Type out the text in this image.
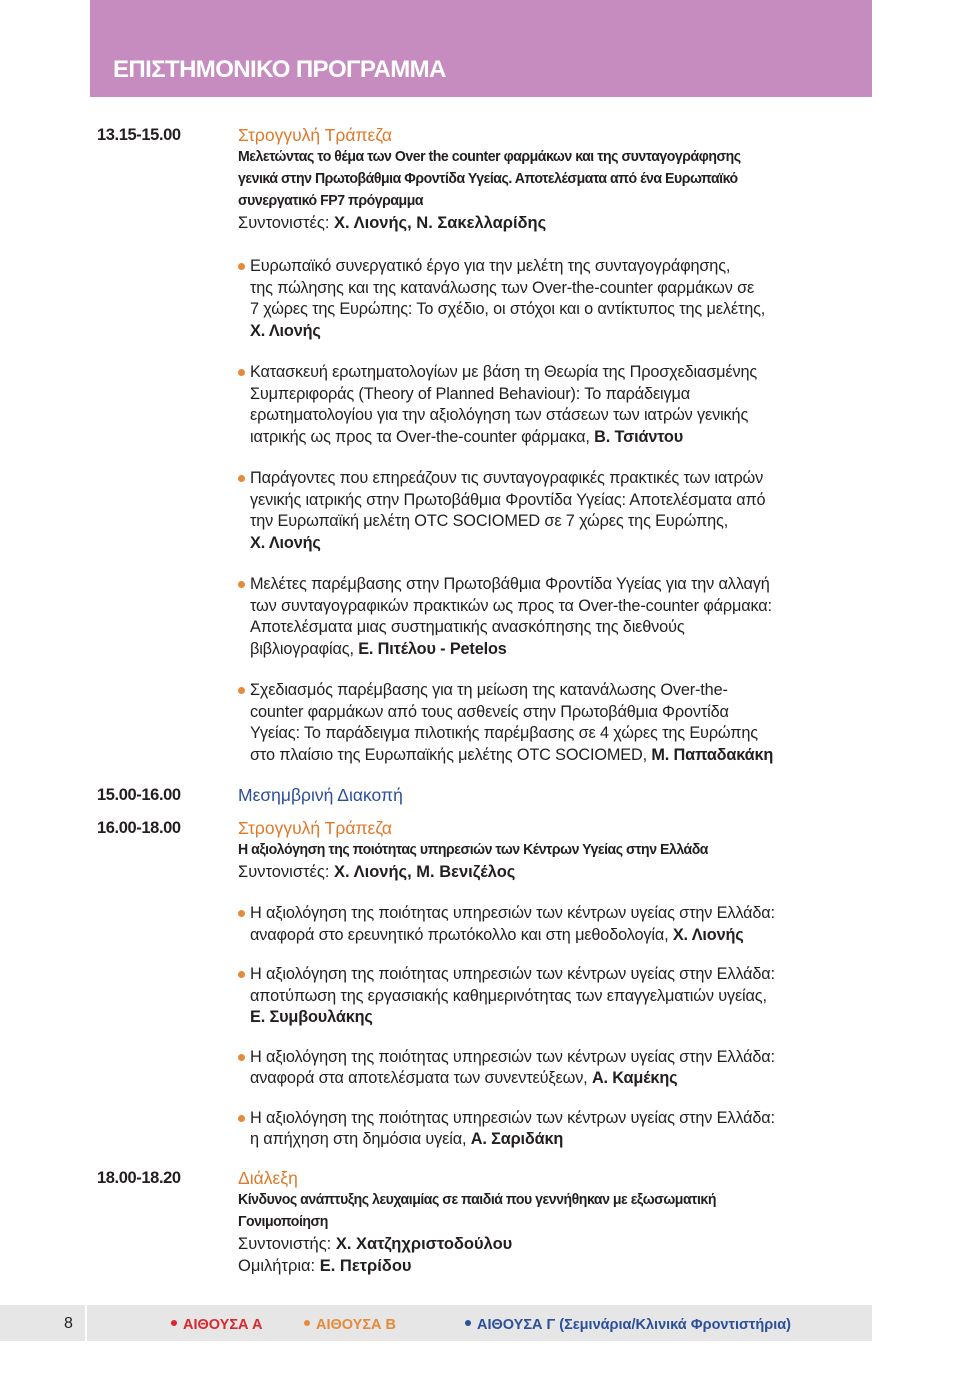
ΕΠΙΣΤΗΜΟΝΙΚΟ ΠΡΟΓΡΑΜΜΑ
13.15-15.00	Στρογγυλή Τράπεζα
Μελετώντας το θέμα των Over the counter φαρμάκων και της συνταγογράφησης
γενικά στην Πρωτοβάθμια Φροντίδα Υγείας. Αποτελέσματα από ένα Ευρωπαϊκό
συνεργατικό FP7 πρόγραμμα
Συντονιστές: Χ. Λιονής, Ν. Σακελλαρίδης
Ευρωπαϊκό συνεργατικό έργο για την μελέτη της συνταγογράφησης,
της πώλησης και της κατανάλωσης των Over-the-counter φαρμάκων σε
7 χώρες της Ευρώπης: Το σχέδιο, οι στόχοι και ο αντίκτυπος της μελέτης,
Χ. Λιονής
Κατασκευή ερωτηματολογίων με βάση τη Θεωρία της Προσχεδιασμένης
Συμπεριφοράς (Theory of Planned Behaviour): Το παράδειγμα
ερωτηματολογίου για την αξιολόγηση των στάσεων των ιατρών γενικής
ιατρικής ως προς τα Over-the-counter φάρμακα, Β. Τσιάντου
Παράγοντες που επηρεάζουν τις συνταγογραφικές πρακτικές των ιατρών
γενικής ιατρικής στην Πρωτοβάθμια Φροντίδα Υγείας: Αποτελέσματα από
την Ευρωπαϊκή μελέτη OTC SOCIOMED σε 7 χώρες της Ευρώπης,
Χ. Λιονής
Μελέτες παρέμβασης στην Πρωτοβάθμια Φροντίδα Υγείας για την αλλαγή
των συνταγογραφικών πρακτικών ως προς τα Over-the-counter φάρμακα:
Αποτελέσματα μιας συστηματικής ανασκόπησης της διεθνούς
βιβλιογραφίας, Ε. Πιτέλου - Petelos
Σχεδιασμός παρέμβασης για τη μείωση της κατανάλωσης Over-the-
counter φαρμάκων από τους ασθενείς στην Πρωτοβάθμια Φροντίδα
Υγείας: Το παράδειγμα πιλοτικής παρέμβασης σε 4 χώρες της Ευρώπης
στο πλαίσιο της Ευρωπαϊκής μελέτης OTC SOCIOMED, Μ. Παπαδακάκη
15.00-16.00	Μεσημβρινή Διακοπή
16.00-18.00	Στρογγυλή Τράπεζα
Η αξιολόγηση της ποιότητας υπηρεσιών των Κέντρων Υγείας στην Ελλάδα
Συντονιστές: Χ. Λιονής, Μ. Βενιζέλος
Η αξιολόγηση της ποιότητας υπηρεσιών των κέντρων υγείας στην Ελλάδα:
αναφορά στο ερευνητικό πρωτόκολλο και στη μεθοδολογία, Χ. Λιονής
Η αξιολόγηση της ποιότητας υπηρεσιών των κέντρων υγείας στην Ελλάδα:
αποτύπωση της εργασιακής καθημερινότητας των επαγγελματιών υγείας,
Ε. Συμβουλάκης
Η αξιολόγηση της ποιότητας υπηρεσιών των κέντρων υγείας στην Ελλάδα:
αναφορά στα αποτελέσματα των συνεντεύξεων, Α. Καμέκης
Η αξιολόγηση της ποιότητας υπηρεσιών των κέντρων υγείας στην Ελλάδα:
η απήχηση στη δημόσια υγεία, Α. Σαριδάκη
18.00-18.20	Διάλεξη
Κίνδυνος ανάπτυξης λευχαιμίας σε παιδιά που γεννήθηκαν με εξωσωματική
Γονιμοποίηση
Συντονιστής: Χ. Χατζηχριστοδούλου
Ομιλήτρια: Ε. Πετρίδου
8	ΑΙΘΟΥΣΑ Α	ΑΙΘΟΥΣΑ Β	ΑΙΘΟΥΣΑ Γ (Σεμινάρια/Κλινικά Φροντιστήρια)
